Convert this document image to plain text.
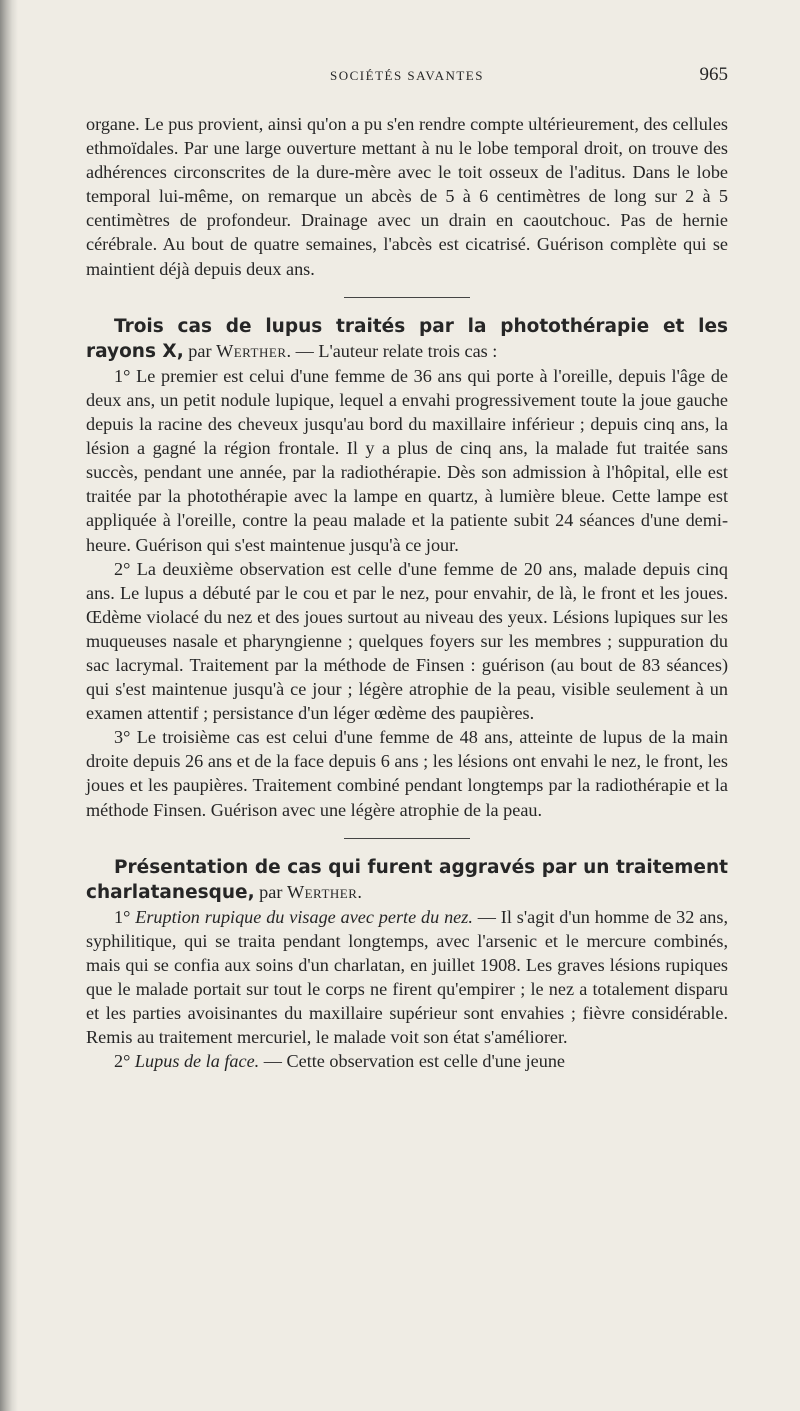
SOCIÉTÉS SAVANTES	965

organe. Le pus provient, ainsi qu'on a pu s'en rendre compte ultérieurement, des cellules ethmoïdales. Par une large ouverture mettant à nu le lobe temporal droit, on trouve des adhérences circonscrites de la dure-mère avec le toit osseux de l'aditus. Dans le lobe temporal lui-même, on remarque un abcès de 5 à 6 centimètres de long sur 2 à 5 centimètres de profondeur. Drainage avec un drain en caoutchouc. Pas de hernie cérébrale. Au bout de quatre semaines, l'abcès est cicatrisé. Guérison complète qui se maintient déjà depuis deux ans.

Trois cas de lupus traités par la photothérapie et les rayons X, par Werther. — L'auteur relate trois cas :

1° Le premier est celui d'une femme de 36 ans qui porte à l'oreille, depuis l'âge de deux ans, un petit nodule lupique, lequel a envahi progressivement toute la joue gauche depuis la racine des cheveux jusqu'au bord du maxillaire inférieur ; depuis cinq ans, la lésion a gagné la région frontale. Il y a plus de cinq ans, la malade fut traitée sans succès, pendant une année, par la radiothérapie. Dès son admission à l'hôpital, elle est traitée par la photothérapie avec la lampe en quartz, à lumière bleue. Cette lampe est appliquée à l'oreille, contre la peau malade et la patiente subit 24 séances d'une demi-heure. Guérison qui s'est maintenue jusqu'à ce jour.

2° La deuxième observation est celle d'une femme de 20 ans, malade depuis cinq ans. Le lupus a débuté par le cou et par le nez, pour envahir, de là, le front et les joues. Œdème violacé du nez et des joues surtout au niveau des yeux. Lésions lupiques sur les muqueuses nasale et pharyngienne ; quelques foyers sur les membres ; suppuration du sac lacrymal. Traitement par la méthode de Finsen : guérison (au bout de 83 séances) qui s'est maintenue jusqu'à ce jour ; légère atrophie de la peau, visible seulement à un examen attentif ; persistance d'un léger œdème des paupières.

3° Le troisième cas est celui d'une femme de 48 ans, atteinte de lupus de la main droite depuis 26 ans et de la face depuis 6 ans ; les lésions ont envahi le nez, le front, les joues et les paupières. Traitement combiné pendant longtemps par la radiothérapie et la méthode Finsen. Guérison avec une légère atrophie de la peau.

Présentation de cas qui furent aggravés par un traitement charlatanesque, par Werther.

1° Eruption rupique du visage avec perte du nez. — Il s'agit d'un homme de 32 ans, syphilitique, qui se traita pendant longtemps, avec l'arsenic et le mercure combinés, mais qui se confia aux soins d'un charlatan, en juillet 1908. Les graves lésions rupiques que le malade portait sur tout le corps ne firent qu'empirer ; le nez a totalement disparu et les parties avoisinantes du maxillaire supérieur sont envahies ; fièvre considérable. Remis au traitement mercuriel, le malade voit son état s'améliorer.

2° Lupus de la face. — Cette observation est celle d'une jeune
